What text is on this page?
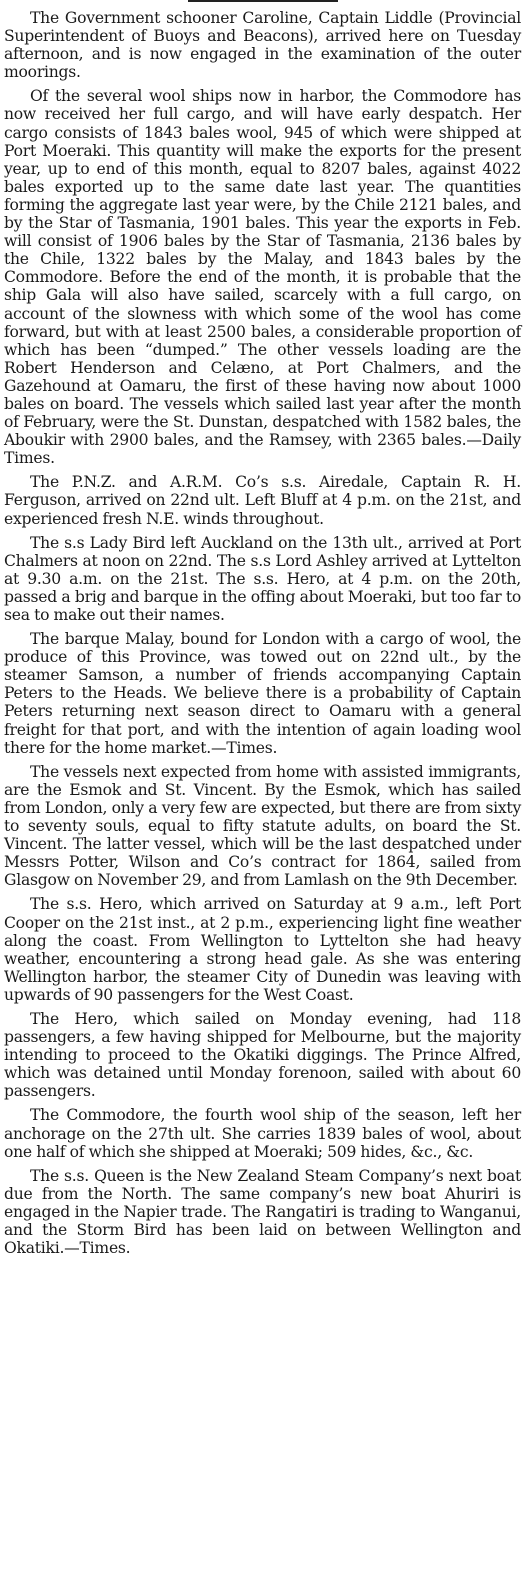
The Government schooner Caroline, Captain Liddle (Provincial Superintendent of Buoys and Beacons), arrived here on Tuesday afternoon, and is now engaged in the examination of the outer moorings.

Of the several wool ships now in harbor, the Commodore has now received her full cargo, and will have early despatch. Her cargo consists of 1843 bales wool, 945 of which were shipped at Port Moeraki. This quantity will make the exports for the present year, up to end of this month, equal to 8207 bales, against 4022 bales exported up to the same date last year. The quantities forming the aggregate last year were, by the Chile 2121 bales, and by the Star of Tasmania, 1901 bales. This year the exports in Feb. will consist of 1906 bales by the Star of Tasmania, 2136 bales by the Chile, 1322 bales by the Malay, and 1843 bales by the Commodore. Before the end of the month, it is probable that the ship Gala will also have sailed, scarcely with a full cargo, on account of the slowness with which some of the wool has come forward, but with at least 2500 bales, a considerable proportion of which has been “dumped.” The other vessels loading are the Robert Henderson and Celæno, at Port Chalmers, and the Gazehound at Oamaru, the first of these having now about 1000 bales on board. The vessels which sailed last year after the month of February, were the St. Dunstan, despatched with 1582 bales, the Aboukir with 2900 bales, and the Ramsey, with 2365 bales.—Daily Times.

The P.N.Z. and A.R.M. Co’s s.s. Airedale, Captain R. H. Ferguson, arrived on 22nd ult. Left Bluff at 4 p.m. on the 21st, and experienced fresh N.E. winds throughout.

The s.s Lady Bird left Auckland on the 13th ult., arrived at Port Chalmers at noon on 22nd. The s.s Lord Ashley arrived at Lyttelton at 9.30 a.m. on the 21st. The s.s. Hero, at 4 p.m. on the 20th, passed a brig and barque in the offing about Moeraki, but too far to sea to make out their names.

The barque Malay, bound for London with a cargo of wool, the produce of this Province, was towed out on 22nd ult., by the steamer Samson, a number of friends accompanying Captain Peters to the Heads. We believe there is a probability of Captain Peters returning next season direct to Oamaru with a general freight for that port, and with the intention of again loading wool there for the home market.—Times.

The vessels next expected from home with assisted immigrants, are the Esmok and St. Vincent. By the Esmok, which has sailed from London, only a very few are expected, but there are from sixty to seventy souls, equal to fifty statute adults, on board the St. Vincent. The latter vessel, which will be the last despatched under Messrs Potter, Wilson and Co’s contract for 1864, sailed from Glasgow on November 29, and from Lamlash on the 9th December.

The s.s. Hero, which arrived on Saturday at 9 a.m., left Port Cooper on the 21st inst., at 2 p.m., experiencing light fine weather along the coast. From Wellington to Lyttelton she had heavy weather, encountering a strong head gale. As she was entering Wellington harbor, the steamer City of Dunedin was leaving with upwards of 90 passengers for the West Coast.

The Hero, which sailed on Monday evening, had 118 passengers, a few having shipped for Melbourne, but the majority intending to proceed to the Okatiki diggings. The Prince Alfred, which was detained until Monday forenoon, sailed with about 60 passengers.

The Commodore, the fourth wool ship of the season, left her anchorage on the 27th ult. She carries 1839 bales of wool, about one half of which she shipped at Moeraki; 509 hides, &c., &c.

The s.s. Queen is the New Zealand Steam Company’s next boat due from the North. The same company’s new boat Ahuriri is engaged in the Napier trade. The Rangatiri is trading to Wanganui, and the Storm Bird has been laid on between Wellington and Okatiki.—Times.
